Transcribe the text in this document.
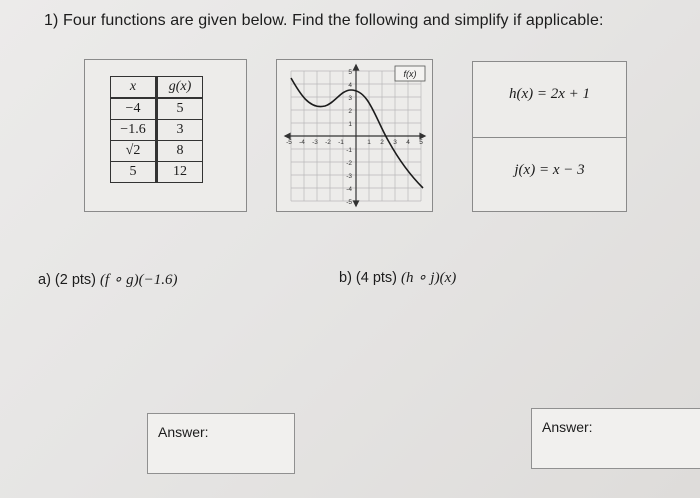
1) Four functions are given below. Find the following and simplify if applicable:
x	g(x)
−4	5
−1.6	3
√2	8
5	12
-5 -4 -3 -2 -1	1 2 3 4 5
5
4
3
2
1
-1
-2
-3
-4
-5
f(x)
h(x) = 2x + 1
j(x) = x − 3
a) (2 pts) (f ∘ g)(−1.6)	b) (4 pts) (h ∘ j)(x)
Answer:	Answer:
